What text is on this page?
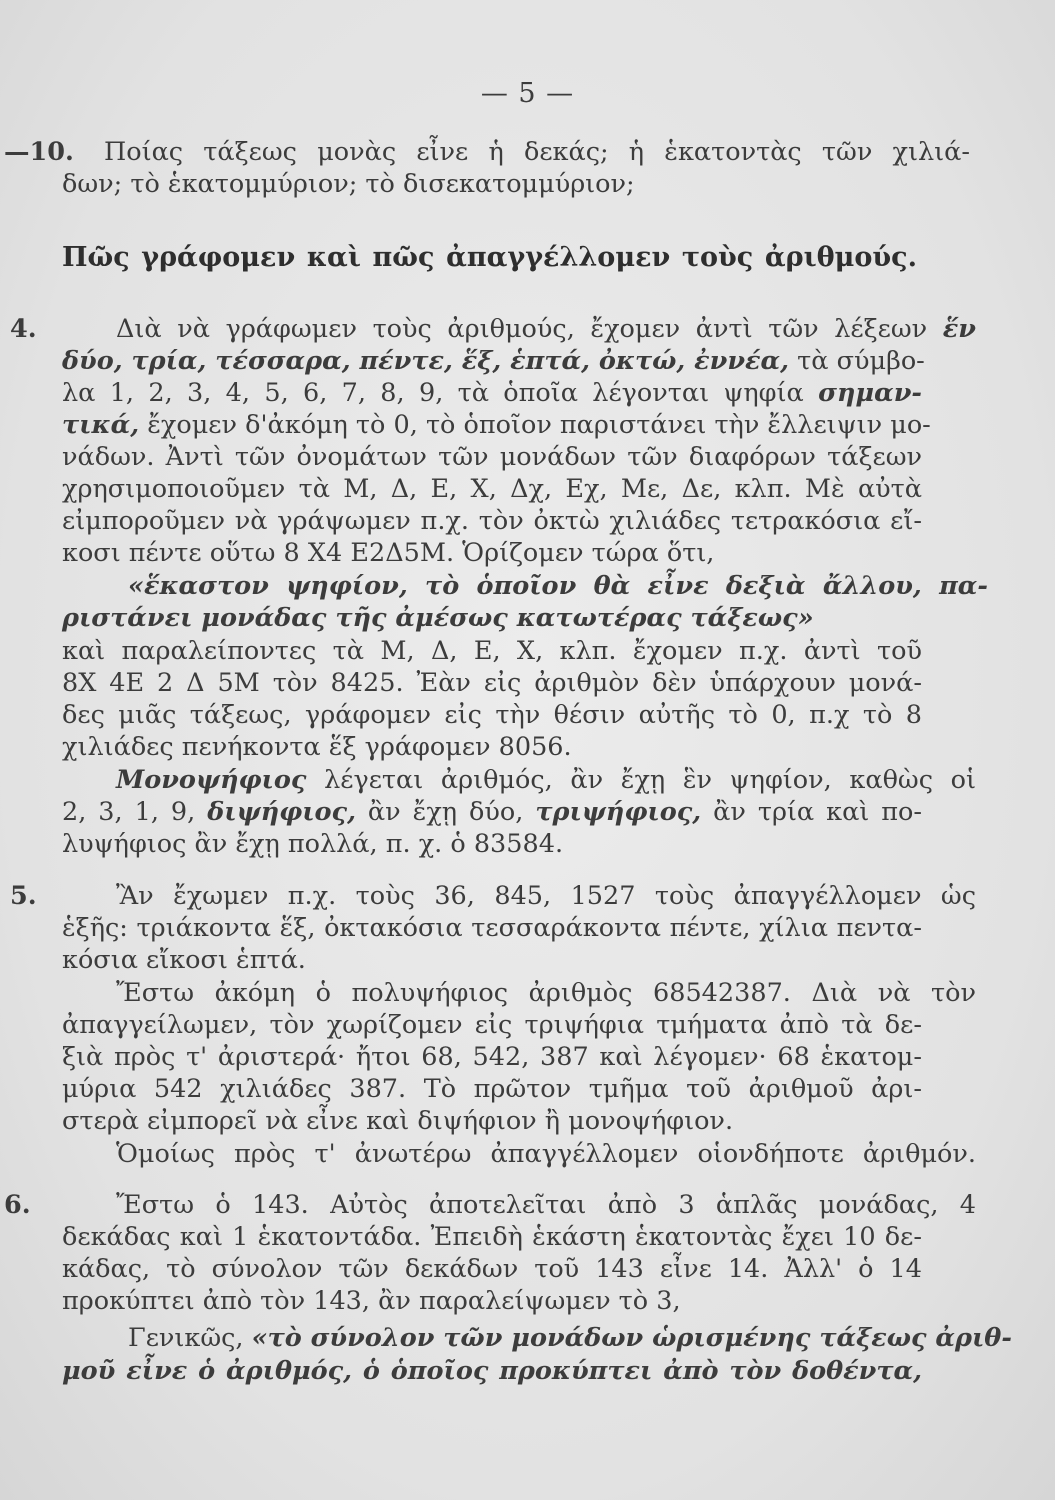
— 5 —
—10.	Ποίας τάξεως μονὰς εἶνε ἡ δεκάς; ἡ ἑκατοντὰς τῶν χιλιά-
δων; τὸ ἑκατομμύριον; τὸ δισεκατομμύριον;
Πῶς γράφομεν καὶ πῶς ἀπαγγέλλομεν τοὺς ἀριθμούς.
4.	Διὰ νὰ γράφωμεν τοὺς ἀριθμούς, ἔχομεν ἀντὶ τῶν λέξεων ἕν
δύο, τρία, τέσσαρα, πέντε, ἕξ, ἑπτά, ὀκτώ, ἐννέα, τὰ σύμβο-
λα 1, 2, 3, 4, 5, 6, 7, 8, 9, τὰ ὁποῖα λέγονται ψηφία σημαν-
τικά, ἔχομεν δ'ἀκόμη τὸ 0, τὸ ὁποῖον παριστάνει τὴν ἔλλειψιν μο-
νάδων. Ἀντὶ τῶν ὀνομάτων τῶν μονάδων τῶν διαφόρων τάξεων
χρησιμοποιοῦμεν τὰ Μ, Δ, Ε, Χ, Δχ, Εχ, Με, Δε, κλπ. Μὲ αὐτὰ
εἰμποροῦμεν νὰ γράψωμεν π.χ. τὸν ὀκτὼ χιλιάδες τετρακόσια εἴ-
κοσι πέντε οὕτω 8 Χ4 Ε2Δ5Μ. Ὁρίζομεν τώρα ὅτι,
«ἕκαστον ψηφίον, τὸ ὁποῖον θὰ εἶνε δεξιὰ ἄλλου, πα-
ριστάνει μονάδας τῆς ἀμέσως κατωτέρας τάξεως»
καὶ παραλείποντες τὰ Μ, Δ, Ε, Χ, κλπ. ἔχομεν π.χ. ἀντὶ τοῦ
8Χ 4Ε 2 Δ 5Μ τὸν 8425. Ἐὰν εἰς ἀριθμὸν δὲν ὑπάρχουν μονά-
δες μιᾶς τάξεως, γράφομεν εἰς τὴν θέσιν αὐτῆς τὸ 0, π.χ τὸ 8
χιλιάδες πενήκοντα ἕξ γράφομεν 8056.
Μονοψήφιος λέγεται ἀριθμός, ἂν ἔχῃ ἓν ψηφίον, καθὼς οἱ
2, 3, 1, 9, διψήφιος, ἂν ἔχῃ δύο, τριψήφιος, ἂν τρία καὶ πο-
λυψήφιος ἂν ἔχῃ πολλά, π. χ. ὁ 83584.
5.	Ἂν ἔχωμεν π.χ. τοὺς 36, 845, 1527 τοὺς ἀπαγγέλλομεν ὡς
ἑξῆς: τριάκοντα ἕξ, ὀκτακόσια τεσσαράκοντα πέντε, χίλια πεντα-
κόσια εἴκοσι ἑπτά.
Ἔστω ἀκόμη ὁ πολυψήφιος ἀριθμὸς 68542387. Διὰ νὰ τὸν
ἀπαγγείλωμεν, τὸν χωρίζομεν εἰς τριψήφια τμήματα ἀπὸ τὰ δε-
ξιὰ πρὸς τ' ἀριστερά· ἤτοι 68, 542, 387 καὶ λέγομεν· 68 ἑκατομ-
μύρια 542 χιλιάδες 387. Τὸ πρῶτον τμῆμα τοῦ ἀριθμοῦ ἀρι-
στερὰ εἰμπορεῖ νὰ εἶνε καὶ διψήφιον ἢ μονοψήφιον.
Ὁμοίως πρὸς τ' ἀνωτέρω ἀπαγγέλλομεν οἱονδήποτε ἀριθμόν.
6.	Ἔστω ὁ 143. Αὐτὸς ἀποτελεῖται ἀπὸ 3 ἁπλᾶς μονάδας, 4
δεκάδας καὶ 1 ἑκατοντάδα. Ἐπειδὴ ἑκάστη ἑκατοντὰς ἔχει 10 δε-
κάδας, τὸ σύνολον τῶν δεκάδων τοῦ 143 εἶνε 14. Ἀλλ' ὁ 14
προκύπτει ἀπὸ τὸν 143, ἂν παραλείψωμεν τὸ 3,
Γενικῶς, «τὸ σύνολον τῶν μονάδων ὡρισμένης τάξεως ἀριθ-
μοῦ εἶνε ὁ ἀριθμός, ὁ ὁποῖος προκύπτει ἀπὸ τὸν δοθέντα,
